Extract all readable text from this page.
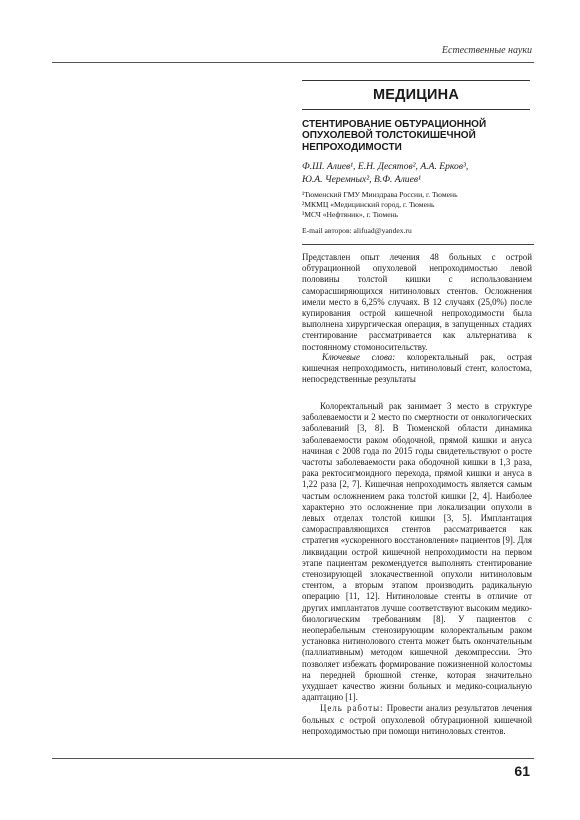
Естественные науки
МЕДИЦИНА
СТЕНТИРОВАНИЕ ОБТУРАЦИОННОЙ ОПУХОЛЕВОЙ ТОЛСТОКИШЕЧНОЙ НЕПРОХОДИМОСТИ
Ф.Ш. Алиев¹, Е.Н. Десятов², А.А. Ерков³,
Ю.А. Черемных², В.Ф. Алиев¹
¹Тюменский ГМУ Минздрава России, г. Тюмень
²МКМЦ «Медицинский город, г. Тюмень
³МСЧ «Нефтяник», г. Тюмень
E-mail авторов: alifuad@yandex.ru
Представлен опыт лечения 48 больных с острой обтурационной опухолевой непроходимостью левой половины толстой кишки с использованием саморасширяющихся нитиноловых стентов. Осложнения имели место в 6,25% случаях. В 12 случаях (25,0%) после купирования острой кишечной непроходимости была выполнена хирургическая операция, в запущенных стадиях стентирование рассматривается как альтернатива к постоянному стомоносительству.
Ключевые слова: колоректальный рак, острая кишечная непроходимость, нитиноловый стент, колостома, непосредственные результаты

Колоректальный рак занимает 3 место в структуре заболеваемости и 2 место по смертности от онкологических заболеваний [3, 8]. В Тюменской области динамика заболеваемости раком ободочной, прямой кишки и ануса начиная с 2008 года по 2015 годы свидетельствуют о росте частоты заболеваемости рака ободочной кишки в 1,3 раза, рака ректосигмоидного перехода, прямой кишки и ануса в 1,22 раза [2, 7]. Кишечная непроходимость является самым частым осложнением рака толстой кишки [2, 4]. Наиболее характерно это осложнение при локализации опухоли в левых отделах толстой кишки [3, 5]. Имплантация саморасправляющихся стентов рассматривается как стратегия «ускоренного восстановления» пациентов [9]. Для ликвидации острой кишечной непроходимости на первом этапе пациентам рекомендуется выполнять стентирование стенозирующей злокачественной опухоли нитиноловым стентом, а вторым этапом производить радикальную операцию [11, 12]. Нитиноловые стенты в отличие от других имплантатов лучше соответствуют высоким медико-биологическим требованиям [8]. У пациентов с неоперабельным стенозирующим колоректальным раком установка нитинолового стента может быть окончательным (паллиативным) методом кишечной декомпрессии. Это позволяет избежать формирование пожизненной колостомы на передней брюшной стенке, которая значительно ухудшает качество жизни больных и медико-социальную адаптацию [1].

Цель работы: Провести анализ результатов лечения больных с острой опухолевой обтурационной кишечной непроходимостью при помощи нитиноловых стентов.

61
